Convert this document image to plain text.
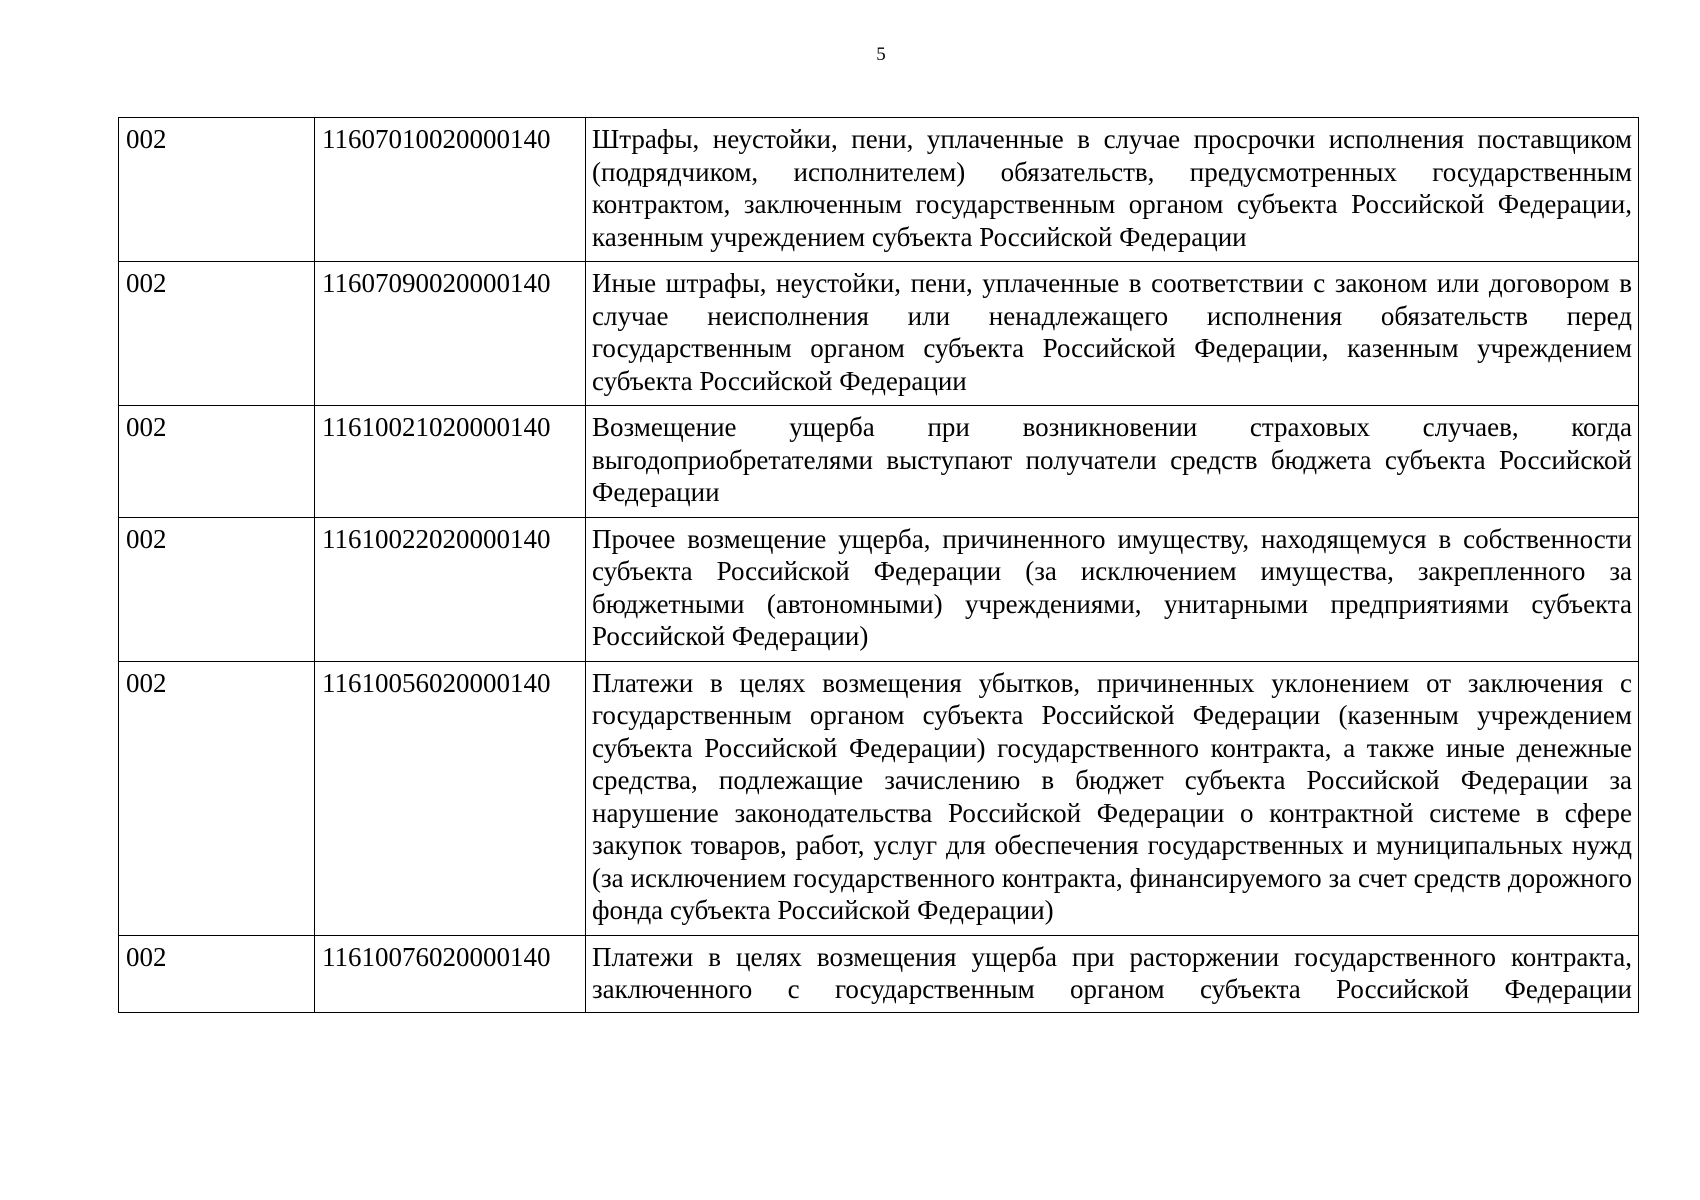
5
002	11607010020000140	Штрафы, неустойки, пени, уплаченные в случае просрочки исполнения поставщиком (подрядчиком, исполнителем) обязательств, предусмотренных государственным контрактом, заключенным государственным органом субъекта Российской Федерации, казенным учреждением субъекта Российской Федерации
002	11607090020000140	Иные штрафы, неустойки, пени, уплаченные в соответствии с законом или договором в случае неисполнения или ненадлежащего исполнения обязательств перед государственным органом субъекта Российской Федерации, казенным учреждением субъекта Российской Федерации
002	11610021020000140	Возмещение ущерба при возникновении страховых случаев, когда выгодоприобретателями выступают получатели средств бюджета субъекта Российской Федерации
002	11610022020000140	Прочее возмещение ущерба, причиненного имуществу, находящемуся в собственности субъекта Российской Федерации (за исключением имущества, закрепленного за бюджетными (автономными) учреждениями, унитарными предприятиями субъекта Российской Федерации)
002	11610056020000140	Платежи в целях возмещения убытков, причиненных уклонением от заключения с государственным органом субъекта Российской Федерации (казенным учреждением субъекта Российской Федерации) государственного контракта, а также иные денежные средства, подлежащие зачислению в бюджет субъекта Российской Федерации за нарушение законодательства Российской Федерации о контрактной системе в сфере закупок товаров, работ, услуг для обеспечения государственных и муниципальных нужд (за исключением государственного контракта, финансируемого за счет средств дорожного фонда субъекта Российской Федерации)
002	11610076020000140	Платежи в целях возмещения ущерба при расторжении государственного контракта, заключенного с государственным органом субъекта Российской Федерации
